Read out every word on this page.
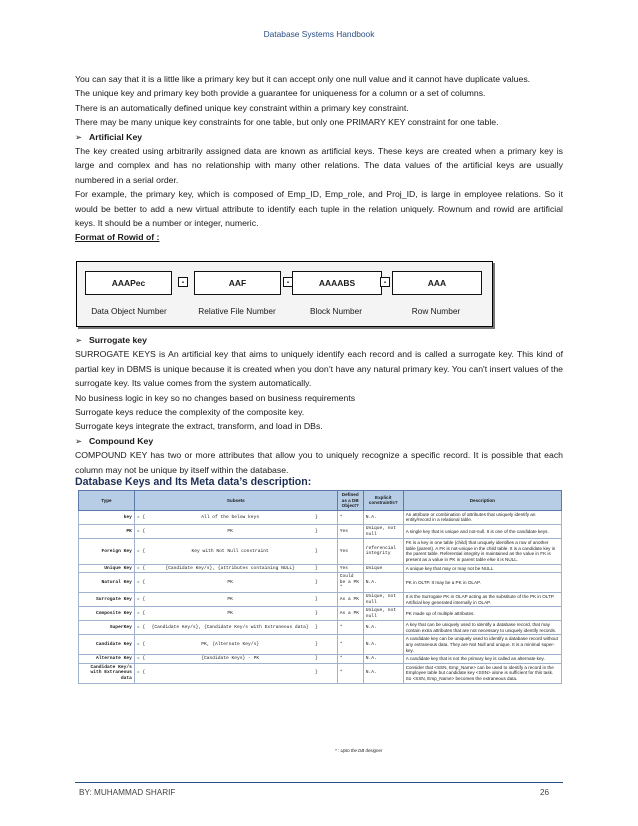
Database Systems Handbook

You can say that it is a little like a primary key but it can accept only one null value and it cannot have duplicate values.

The unique key and primary key both provide a guarantee for uniqueness for a column or a set of columns.

There is an automatically defined unique key constraint within a primary key constraint.

There may be many unique key constraints for one table, but only one PRIMARY KEY constraint for one table.

➢ Artificial Key

The key created using arbitrarily assigned data are known as artificial keys. These keys are created when a primary key is large and complex and has no relationship with many other relations. The data values of the artificial keys are usually numbered in a serial order.

For example, the primary key, which is composed of Emp_ID, Emp_role, and Proj_ID, is large in employee relations. So it would be better to add a new virtual attribute to identify each tuple in the relation uniquely. Rownum and rowid are artificial keys. It should be a number or integer, numeric.

Format of Rowid of :

AAAPec	.	AAF	.	AAAABS	.	AAA
Data Object Number	Relative File Number	Block Number	Row Number

➢ Surrogate key

SURROGATE KEYS is An artificial key that aims to uniquely identify each record and is called a surrogate key. This kind of partial key in DBMS is unique because it is created when you don’t have any natural primary key. You can't insert values of the surrogate key. Its value comes from the system automatically.

No business logic in key so no changes based on business requirements

Surrogate keys reduce the complexity of the composite key.

Surrogate keys integrate the extract, transform, and load in DBs.

➢ Compound Key

COMPOUND KEY has two or more attributes that allow you to uniquely recognize a specific record. It is possible that each column may not be unique by itself within the database.

Database Keys and Its Meta data’s description:
Type	Subsets	Defined as a DB Object?	Explicit constraint/s?	Description
key	= { All of the below keys }	*	N.A.	An attribute or combination of attributes that uniquely identify an entity/record in a relational table.
PK	= { PK }	Yes	Unique, not null	A single key that is unique and not-null. It is one of the candidate keys.
Foreign Key	= { Key with Not Null constraint }	Yes	referencial integrity	FK is a key in one table (child) that uniquely identifies a row of another table (parent). A FK is not-unique in the child table. It is a candidate key in the parent table. Referential integrity is maintained as the value in FK is present as a value in PK in parent table else it is NULL.
Unique Key	= { {Candidate Key/s}, {attributes containing NULL} }	Yes	Unique	A unique key that may or may not be NULL
Natural Key	= { PK }	Could be a PK *	N.A.	PK in OLTP. It may be a PK in OLAP.
Surrogate Key	= { PK }	As a PK	Unique, not null	It is the Surrogate PK in OLAP acting as the substitute of the PK in OLTP. Artificial key generated internally in OLAP.
Composite Key	= { PK }	As a PK	Unique, not null	PK made up of multiple attributes.
SuperKey	= { {Candidate Key/s}, {Candidate Key/s with Extraneous data} }	*	N.A.	A key that can be uniquely used to identify a database record, that may contain extra attributes that are not necessary to uniquely identify records.
Candidate Key	= { PK, {Alternate Key/s} }	*	N.A.	A candidate key can be uniquely used to identify a database record without any extraneous data. They are Not Null and unique. It is a minimal super-key.
Alternate Key	= { {Candidate Keys} - PK }	*	N.A.	A candidate key that is not the primary key is called an alternate key.
Candidate Key/s with Extraneous data	= { }	*	N.A.	Consider that <SSN, Emp_Name> can be used to identify a record in the Employee table but candidate key <SSN> alone is sufficient for this task. So <SSN, Emp_Name> becomes the extraneous data.
* : Upto the DB designer
BY: MUHAMMAD SHARIF	26
